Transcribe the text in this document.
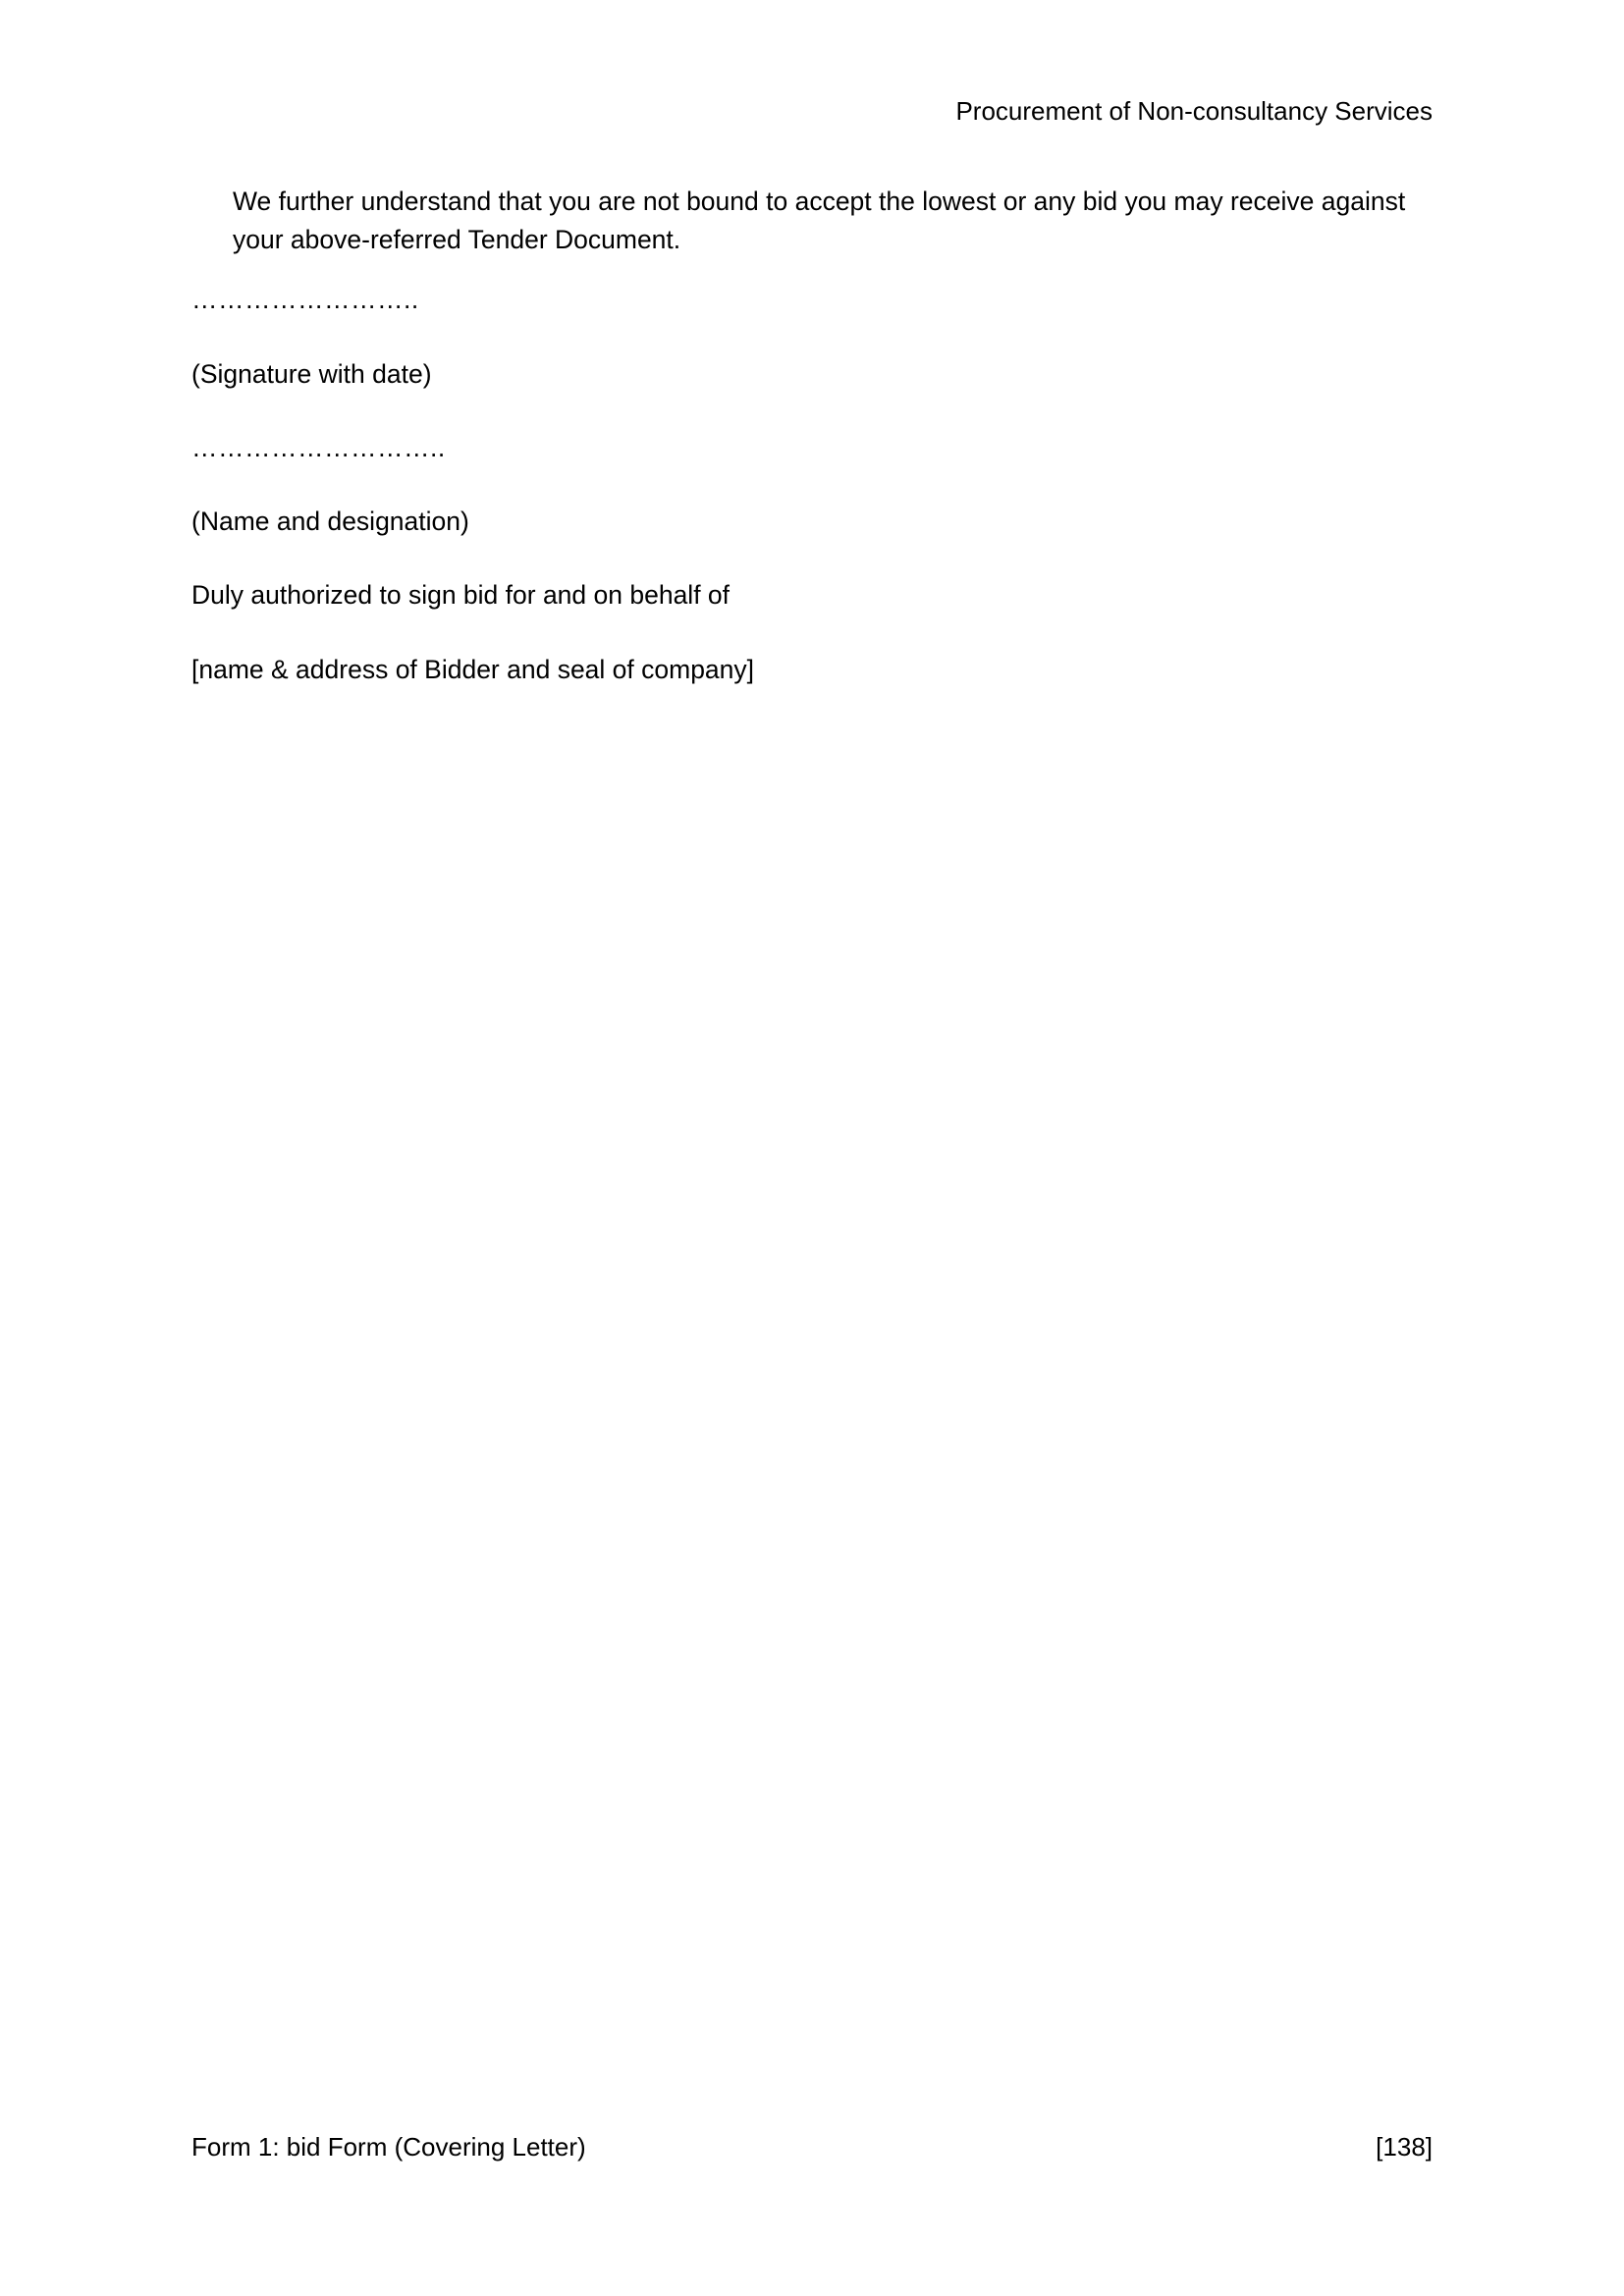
Procurement of Non-consultancy Services

We further understand that you are not bound to accept the lowest or any bid you may receive against your above-referred Tender Document.

……………………..

(Signature with date)

………………………..

(Name and designation)

Duly authorized to sign bid for and on behalf of

[name & address of Bidder and seal of company]

Form 1: bid Form (Covering Letter)	[138]
